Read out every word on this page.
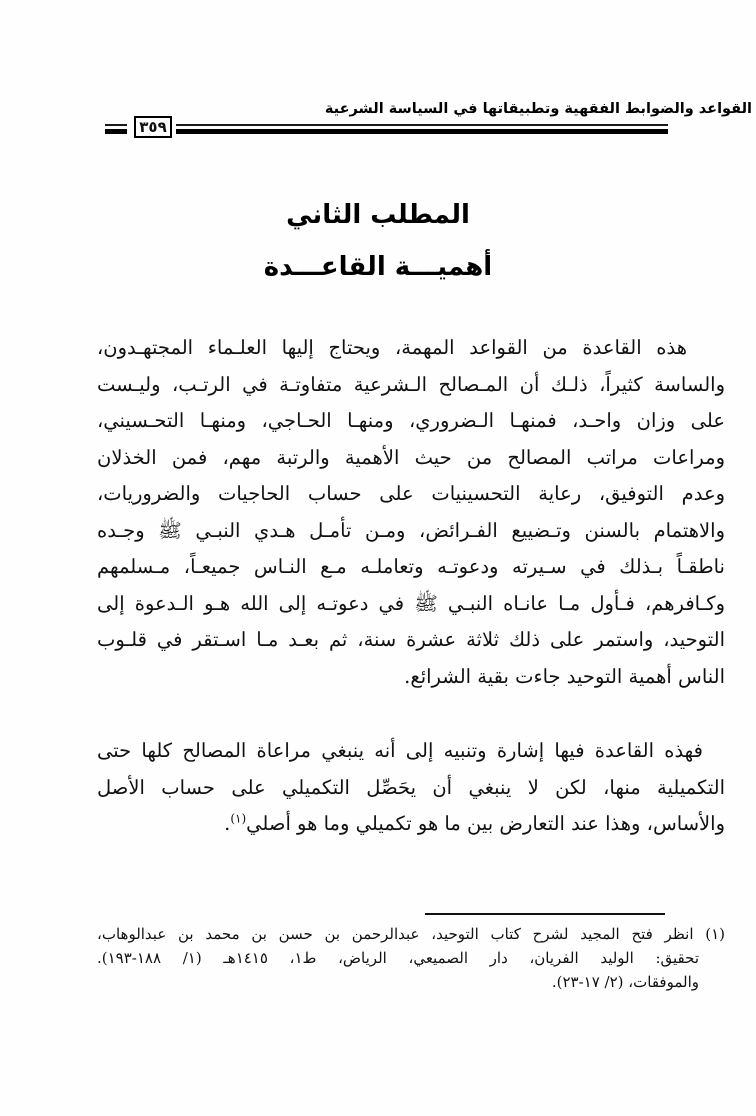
القواعد والضوابط الفقهية وتطبيقاتها في السياسة الشرعية
٣٥٩
المطلب الثاني
أهميـــة القاعـــدة
هذه القاعدة من القواعد المهمة، ويحتاج إليها العلـماء المجتهـدون،
والساسة كثيراً، ذلـك أن المـصالح الـشرعية متفاوتـة في الرتـب، وليـست
على وزان واحـد، فمنهـا الـضروري، ومنهـا الحـاجي، ومنهـا التحـسيني،
ومراعات مراتب المصالح من حيث الأهمية والرتبة مهم، فمن الخذلان
وعدم التوفيق، رعاية التحسينيات على حساب الحاجيات والضروريات،
والاهتمام بالسنن وتـضييع الفـرائض، ومـن تأمـل هـدي النبـي ﷺ وجـده
ناطقـاً بـذلك في سـيرته ودعوتـه وتعاملـه مـع النـاس جميعـاً، مـسلمهم
وكـافرهم، فـأول مـا عانـاه النبـي ﷺ في دعوتـه إلى الله هـو الـدعوة إلى
التوحيد، واستمر على ذلك ثلاثة عشرة سنة، ثم بعـد مـا اسـتقر في قلـوب
الناس أهمية التوحيد جاءت بقية الشرائع.
فهذه القاعدة فيها إشارة وتنبيه إلى أنه ينبغي مراعاة المصالح كلها حتى
التكميلية منها، لكن لا ينبغي أن يحَصِّل التكميلي على حساب الأصل
والأساس، وهذا عند التعارض بين ما هو تكميلي وما هو أصلي$^{(١)}$.
(١) انظر فتح المجيد لشرح كتاب التوحيد، عبدالرحمن بن حسن بن محمد بن عبدالوهاب،
تحقيق: الوليد الفريان، دار الصميعي، الرياض، ط١، ١٤١٥هـ (١/ ١٨٨-١٩٣).
والموفقات، (٢/ ١٧-٢٣).
